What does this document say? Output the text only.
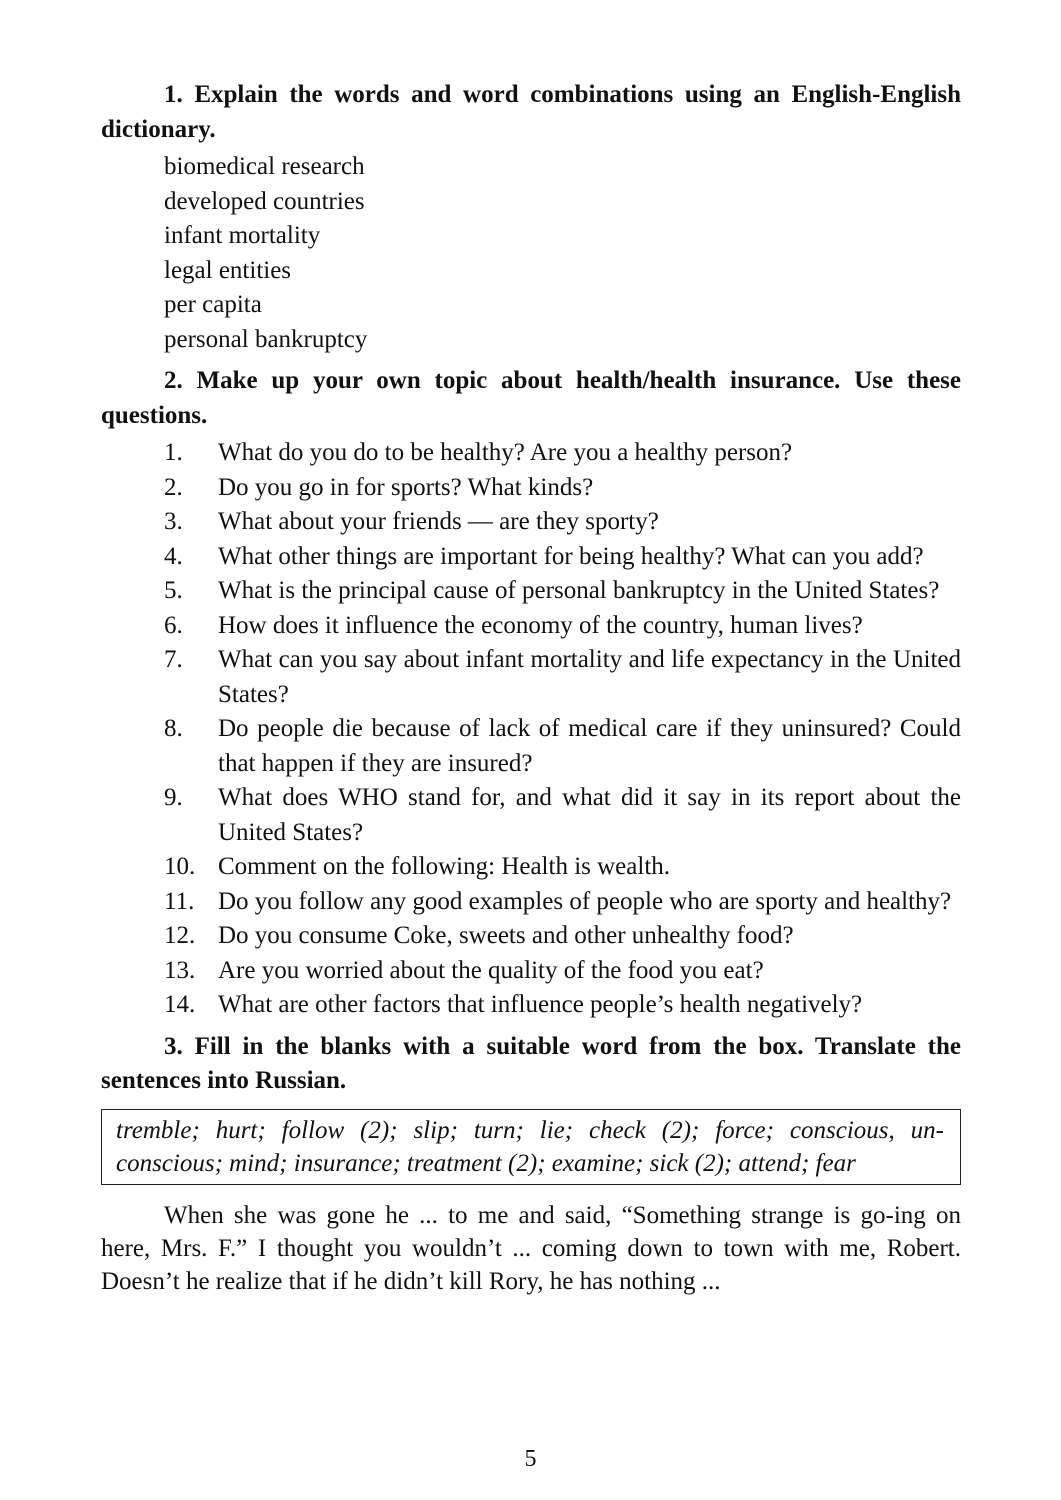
1. Explain the words and word combinations using an English-English dictionary.

biomedical research
developed countries
infant mortality
legal entities
per capita
personal bankruptcy

2. Make up your own topic about health/health insurance. Use these questions.

1.	What do you do to be healthy? Are you a healthy person?
2.	Do you go in for sports? What kinds?
3.	What about your friends — are they sporty?
4.	What other things are important for being healthy? What can you add?
5.	What is the principal cause of personal bankruptcy in the United States?
6.	How does it influence the economy of the country, human lives?
7.	What can you say about infant mortality and life expectancy in the United States?
8.	Do people die because of lack of medical care if they uninsured? Could that happen if they are insured?
9.	What does WHO stand for, and what did it say in its report about the United States?
10. Comment on the following: Health is wealth.
11. Do you follow any good examples of people who are sporty and healthy?
12. Do you consume Coke, sweets and other unhealthy food?
13. Are you worried about the quality of the food you eat?
14. What are other factors that influence people’s health negatively?

3. Fill in the blanks with a suitable word from the box. Translate the sentences into Russian.

tremble; hurt; follow (2); slip; turn; lie; check (2); force; conscious, un-conscious; mind; insurance; treatment (2); examine; sick (2); attend; fear

When she was gone he ... to me and said, “Something strange is go-ing on here, Mrs. F.” I thought you wouldn’t ... coming down to town with me, Robert. Doesn’t he realize that if he didn’t kill Rory, he has nothing ...

5
